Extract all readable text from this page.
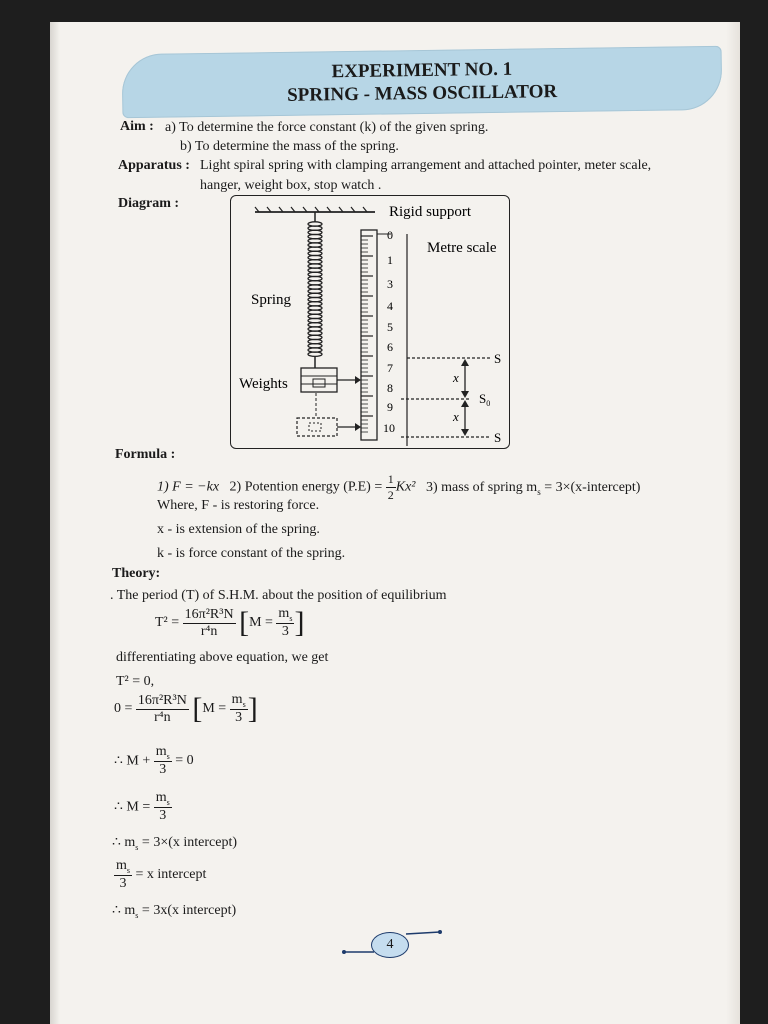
EXPERIMENT NO. 1
SPRING - MASS OSCILLATOR
Aim : a) To determine the force constant (k) of the given spring.
b) To determine the mass of the spring.
Apparatus : Light spiral spring with clamping arrangement and attached pointer, meter scale,
hanger, weight box, stop watch .
Diagram :
Rigid support
Spring
Weights
0
1
3
4
5
6
7
8
9
10
Metre scale
S
$S_0$
S
x
x
Formula :
1) F = −kx 2) Potention energy $(P.E) = \frac{1}{2} Kx^2$ 3) mass of spring $m_s$ = 3×(x-intercept)
Where, F - is restoring force.
x - is extension of the spring.
k - is force constant of the spring.
Theory:
. The period (T) of S.H.M. about the position of equilibrium
$T^2 = \frac{\text{16π²R³N}}{\text{r⁴n}} [M = \frac{m_s}{3}$ ]
differentiating above equation, we get
T² = 0,
$0 = \frac{\text{16π²R³N}}{\text{r⁴n}} [M = \frac{m_s}{3}$ ]
∴ $M + \frac{m_s}{3} = 0$
∴ $M = \frac{m_s}{3}$
∴ $m_s = 3\times(x$ intercept)
$\frac{m_s}{3} = x$ intercept
∴ $m_s = 3x(x$ intercept)
4
